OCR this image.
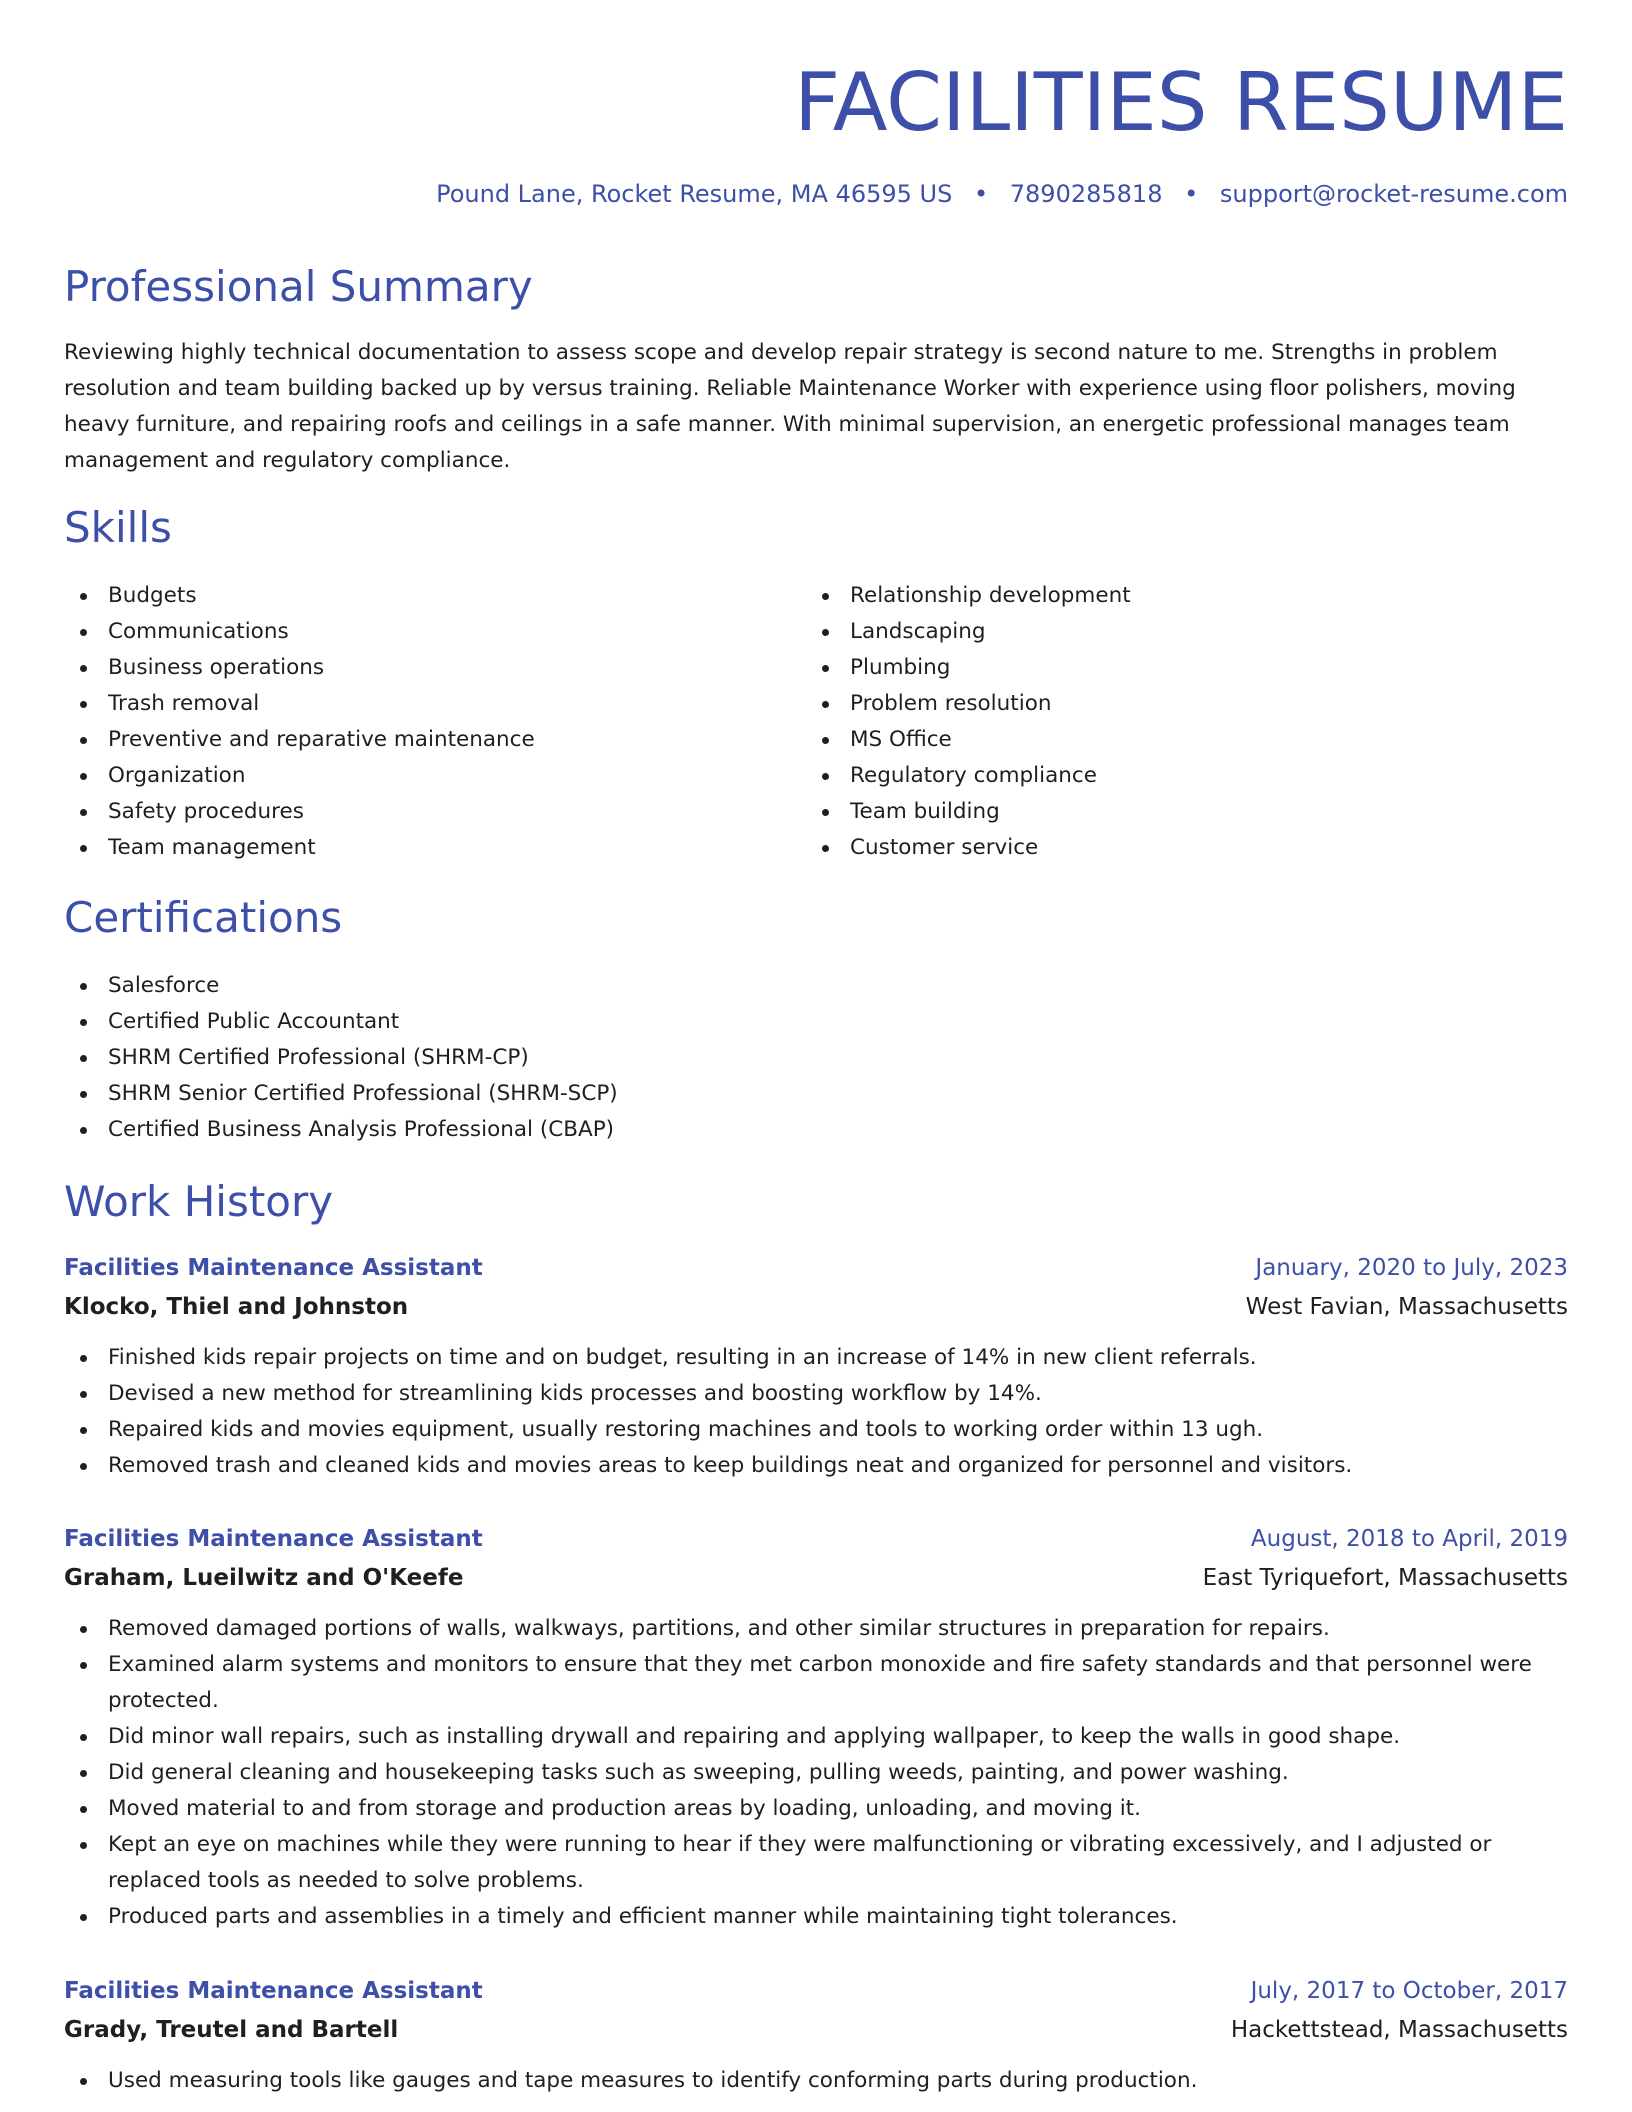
FACILITIES RESUME
Pound Lane, Rocket Resume, MA 46595 US • 7890285818 • support@rocket-resume.com
Professional Summary

Reviewing highly technical documentation to assess scope and develop repair strategy is second nature to me. Strengths in problem resolution and team building backed up by versus training. Reliable Maintenance Worker with experience using floor polishers, moving heavy furniture, and repairing roofs and ceilings in a safe manner. With minimal supervision, an energetic professional manages team management and regulatory compliance.

Skills
Budgets
Communications
Business operations
Trash removal
Preventive and reparative maintenance
Organization
Safety procedures
Team management
Relationship development
Landscaping
Plumbing
Problem resolution
MS Office
Regulatory compliance
Team building
Customer service
Certifications
Salesforce
Certified Public Accountant
SHRM Certified Professional (SHRM-CP)
SHRM Senior Certified Professional (SHRM-SCP)
Certified Business Analysis Professional (CBAP)
Work History
Facilities Maintenance Assistant	January, 2020 to July, 2023
Klocko, Thiel and Johnston	West Favian, Massachusetts
Finished kids repair projects on time and on budget, resulting in an increase of 14% in new client referrals.
Devised a new method for streamlining kids processes and boosting workflow by 14%.
Repaired kids and movies equipment, usually restoring machines and tools to working order within 13 ugh.
Removed trash and cleaned kids and movies areas to keep buildings neat and organized for personnel and visitors.
Facilities Maintenance Assistant	August, 2018 to April, 2019
Graham, Lueilwitz and O'Keefe	East Tyriquefort, Massachusetts
Removed damaged portions of walls, walkways, partitions, and other similar structures in preparation for repairs.
Examined alarm systems and monitors to ensure that they met carbon monoxide and fire safety standards and that personnel were protected.
Did minor wall repairs, such as installing drywall and repairing and applying wallpaper, to keep the walls in good shape.
Did general cleaning and housekeeping tasks such as sweeping, pulling weeds, painting, and power washing.
Moved material to and from storage and production areas by loading, unloading, and moving it.
Kept an eye on machines while they were running to hear if they were malfunctioning or vibrating excessively, and I adjusted or replaced tools as needed to solve problems.
Produced parts and assemblies in a timely and efficient manner while maintaining tight tolerances.
Facilities Maintenance Assistant	July, 2017 to October, 2017
Grady, Treutel and Bartell	Hackettstead, Massachusetts
Used measuring tools like gauges and tape measures to identify conforming parts during production.
